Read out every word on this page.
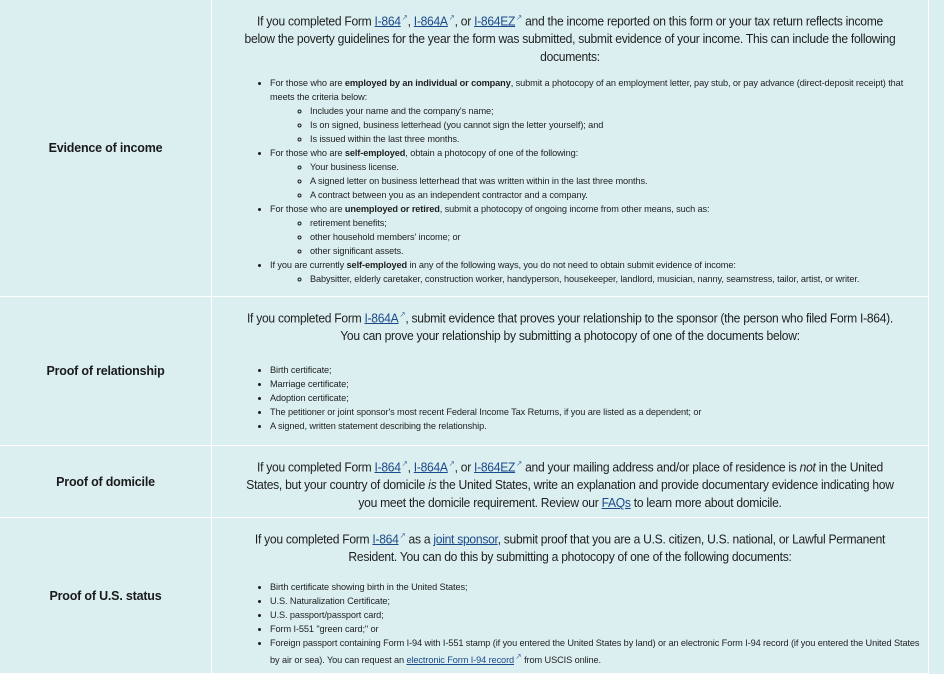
Evidence of income

If you completed Form I-864↗, I-864A↗, or I-864EZ↗ and the income reported on this form or your tax return reflects income below the poverty guidelines for the year the form was submitted, submit evidence of your income. This can include the following documents:

• For those who are employed by an individual or company, submit a photocopy of an employment letter, pay stub, or pay advance (direct-deposit receipt) that meets the criteria below:
◦ Includes your name and the company's name;
◦ Is on signed, business letterhead (you cannot sign the letter yourself); and
◦ Is issued within the last three months.
• For those who are self-employed, obtain a photocopy of one of the following:
◦ Your business license.
◦ A signed letter on business letterhead that was written within in the last three months.
◦ A contract between you as an independent contractor and a company.
• For those who are unemployed or retired, submit a photocopy of ongoing income from other means, such as:
◦ retirement benefits;
◦ other household members' income; or
◦ other significant assets.
• If you are currently self-employed in any of the following ways, you do not need to obtain submit evidence of income:
◦ Babysitter, elderly caretaker, construction worker, handyperson, housekeeper, landlord, musician, nanny, seamstress, tailor, artist, or writer.
Proof of relationship

If you completed Form I-864A↗, submit evidence that proves your relationship to the sponsor (the person who filed Form I-864). You can prove your relationship by submitting a photocopy of one of the documents below:

• Birth certificate;
• Marriage certificate;
• Adoption certificate;
• The petitioner or joint sponsor's most recent Federal Income Tax Returns, if you are listed as a dependent; or
• A signed, written statement describing the relationship.
Proof of domicile

If you completed Form I-864↗, I-864A↗, or I-864EZ↗ and your mailing address and/or place of residence is not in the United States, but your country of domicile is the United States, write an explanation and provide documentary evidence indicating how you meet the domicile requirement. Review our FAQs to learn more about domicile.

Proof of U.S. status

If you completed Form I-864↗ as a joint sponsor, submit proof that you are a U.S. citizen, U.S. national, or Lawful Permanent Resident. You can do this by submitting a photocopy of one of the following documents:

• Birth certificate showing birth in the United States;
• U.S. Naturalization Certificate;
• U.S. passport/passport card;
• Form I-551 "green card;" or
• Foreign passport containing Form I-94 with I-551 stamp (if you entered the United States by land) or an electronic Form I-94 record (if you entered the United States by air or sea). You can request an electronic Form I-94 record↗ from USCIS online.
